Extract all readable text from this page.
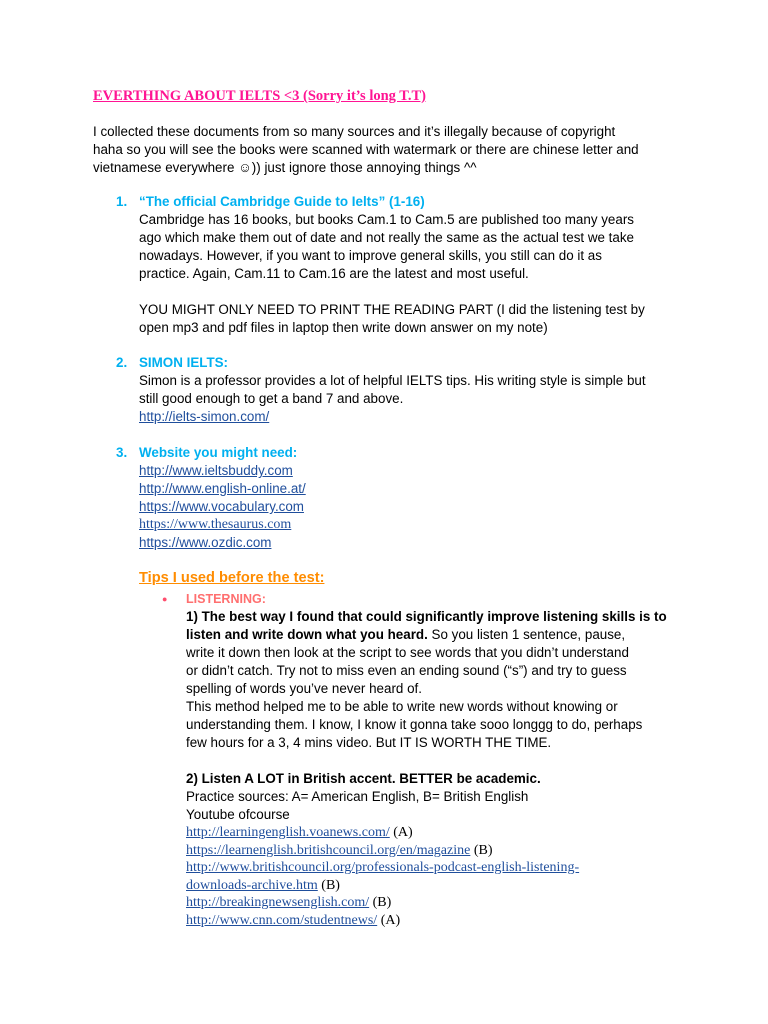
EVERTHING ABOUT IELTS <3 (Sorry it’s long T.T)
I collected these documents from so many sources and it’s illegally because of copyright
haha so you will see the books were scanned with watermark or there are chinese letter and
vietnamese everywhere ☺)) just ignore those annoying things ^^
1. “The official Cambridge Guide to Ielts” (1-16)
Cambridge has 16 books, but books Cam.1 to Cam.5 are published too many years
ago which make them out of date and not really the same as the actual test we take
nowadays. However, if you want to improve general skills, you still can do it as
practice. Again, Cam.11 to Cam.16 are the latest and most useful.
YOU MIGHT ONLY NEED TO PRINT THE READING PART (I did the listening test by
open mp3 and pdf files in laptop then write down answer on my note)
2. SIMON IELTS:
Simon is a professor provides a lot of helpful IELTS tips. His writing style is simple but
still good enough to get a band 7 and above.
http://ielts-simon.com/
3. Website you might need:
http://www.ieltsbuddy.com
http://www.english-online.at/
https://www.vocabulary.com
https://www.thesaurus.com
https://www.ozdic.com
Tips I used before the test:
● LISTERNING:
1) The best way I found that could significantly improve listening skills is to
listen and write down what you heard. So you listen 1 sentence, pause,
write it down then look at the script to see words that you didn’t understand
or didn’t catch. Try not to miss even an ending sound (“s”) and try to guess
spelling of words you’ve never heard of.
This method helped me to be able to write new words without knowing or
understanding them. I know, I know it gonna take sooo longgg to do, perhaps
few hours for a 3, 4 mins video. But IT IS WORTH THE TIME.
2) Listen A LOT in British accent. BETTER be academic.
Practice sources: A= American English, B= British English
Youtube ofcourse
http://learningenglish.voanews.com/ (A)
https://learnenglish.britishcouncil.org/en/magazine (B)
http://www.britishcouncil.org/professionals-podcast-english-listening-
downloads-archive.htm (B)
http://breakingnewsenglish.com/ (B)
http://www.cnn.com/studentnews/ (A)
